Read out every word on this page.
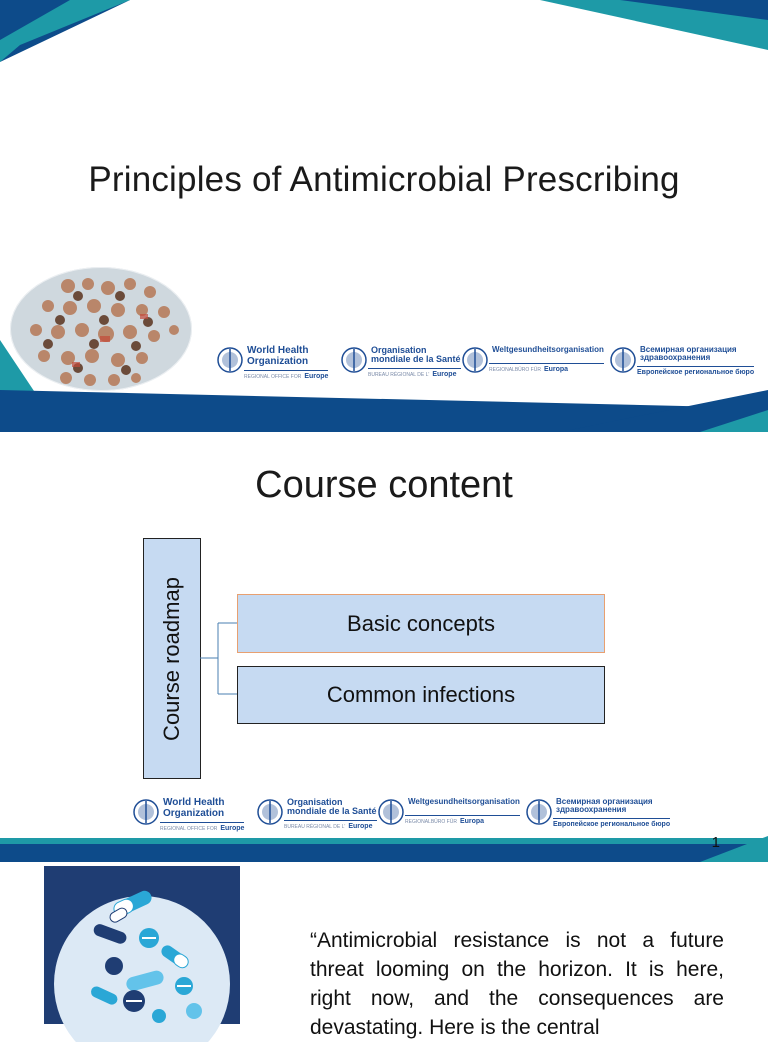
Principles of Antimicrobial Prescribing
World Health
Organization
REGIONAL OFFICE FOR Europe
Organisation
mondiale de la Santé
BUREAU RÉGIONAL DE L' Europe
Weltgesundheitsorganisation
REGIONALBÜRO FÜR Europa
Всемирная организация
здравоохранения
Европейское региональное бюро
Course content
Course roadmap	Basic concepts
Common infections
World Health
Organization
REGIONAL OFFICE FOR Europe
Organisation
mondiale de la Santé
BUREAU RÉGIONAL DE L' Europe
Weltgesundheitsorganisation
REGIONALBÜRO FÜR Europa
Всемирная организация
здравоохранения
Европейское региональное бюро
1
“Antimicrobial resistance is not a future threat looming on the horizon. It is here, right now, and the consequences are devastating. Here is the central
